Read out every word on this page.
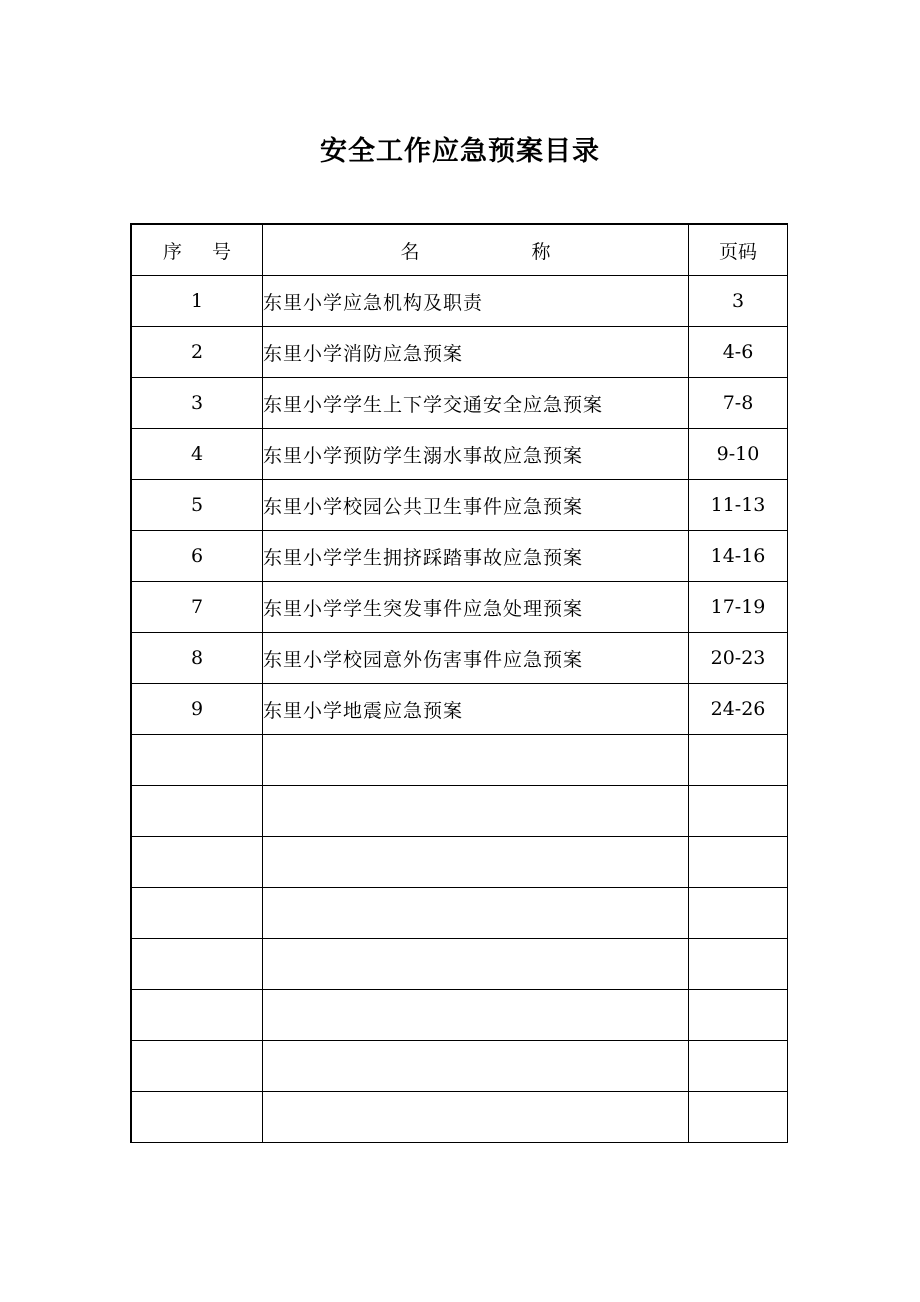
安全工作应急预案目录
序 号	名 称	页码
1	东里小学应急机构及职责	3
2	东里小学消防应急预案	4-6
3	东里小学学生上下学交通安全应急预案	7-8
4	东里小学预防学生溺水事故应急预案	9-10
5	东里小学校园公共卫生事件应急预案	11-13
6	东里小学学生拥挤踩踏事故应急预案	14-16
7	东里小学学生突发事件应急处理预案	17-19
8	东里小学校园意外伤害事件应急预案	20-23
9	东里小学地震应急预案	24-26
